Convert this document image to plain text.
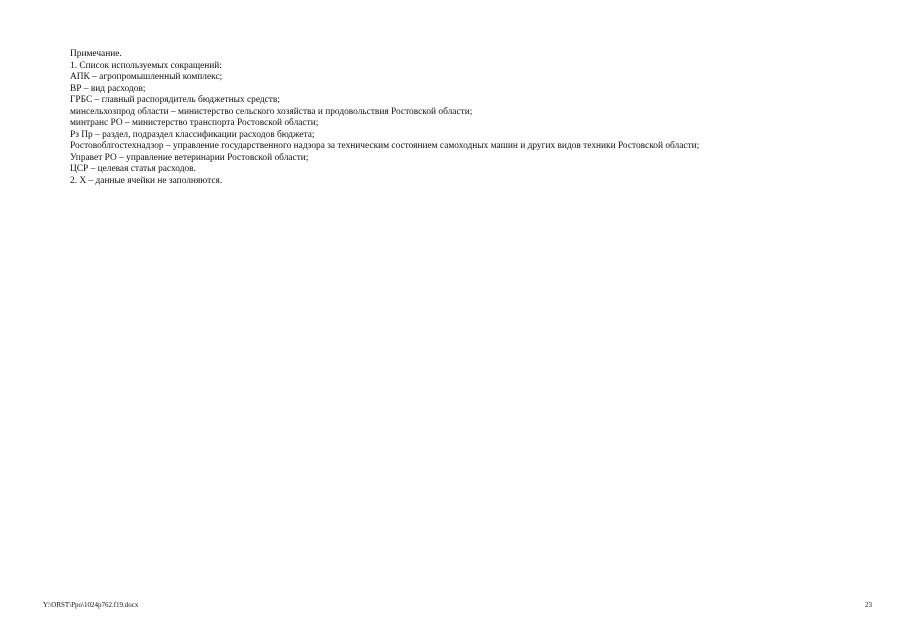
Примечание.
1. Список используемых сокращений:
АПК – агропромышленный комплекс;
ВР – вид расходов;
ГРБС – главный распорядитель бюджетных средств;
минсельхозпрод области – министерство сельского хозяйства и продовольствия Ростовской области;
минтранс РО – министерство транспорта Ростовской области;
Рз Пр – раздел, подраздел классификации расходов бюджета;
Ростовоблгостехнадзор – управление государственного надзора за техническим состоянием самоходных машин и других видов техники Ростовской области;
Управет РО – управление ветеринарии Ростовской области;
ЦСР – целевая статья расходов.
2. Х – данные ячейки не заполняются.
Y:\ORST\Ppo\1024p762.f19.docx	23
